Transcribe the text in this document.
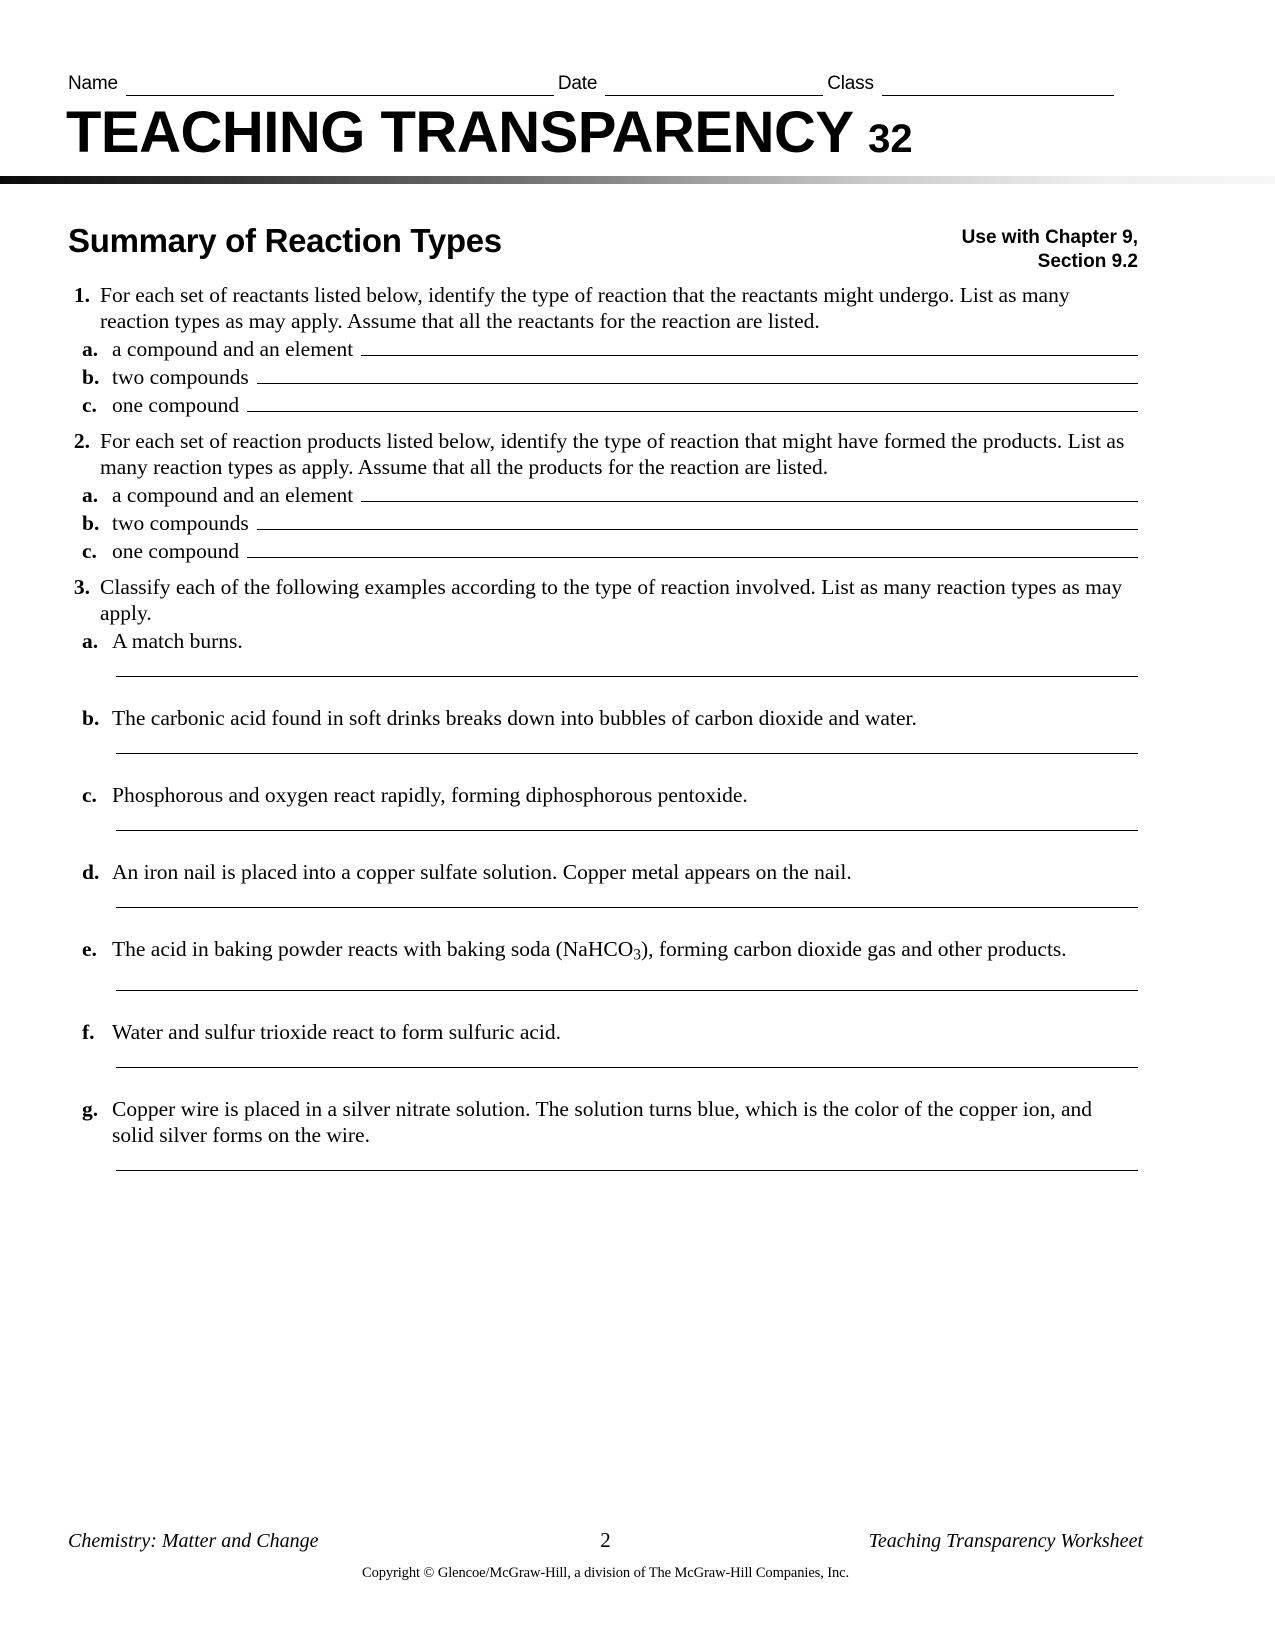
Name	Date	Class
TEACHING TRANSPARENCY 32
Summary of Reaction Types	Use with Chapter 9,
Section 9.2
1. For each set of reactants listed below, identify the type of reaction that the reactants might undergo. List as many reaction types as may apply. Assume that all the reactants for the reaction are listed.
a. a compound and an element
b. two compounds
c. one compound
2. For each set of reaction products listed below, identify the type of reaction that might have formed the products. List as many reaction types as apply. Assume that all the products for the reaction are listed.
a. a compound and an element
b. two compounds
c. one compound
3. Classify each of the following examples according to the type of reaction involved. List as many reaction types as may apply.
a. A match burns.
b. The carbonic acid found in soft drinks breaks down into bubbles of carbon dioxide and water.
c. Phosphorous and oxygen react rapidly, forming diphosphorous pentoxide.
d. An iron nail is placed into a copper sulfate solution. Copper metal appears on the nail.
e. The acid in baking powder reacts with baking soda (NaHCO$_3$), forming carbon dioxide gas and other products.
f. Water and sulfur trioxide react to form sulfuric acid.
g. Copper wire is placed in a silver nitrate solution. The solution turns blue, which is the color of the copper ion, and solid silver forms on the wire.
Chemistry: Matter and Change	2	Teaching Transparency Worksheet
Copyright © Glencoe/McGraw-Hill, a division of The McGraw-Hill Companies, Inc.
